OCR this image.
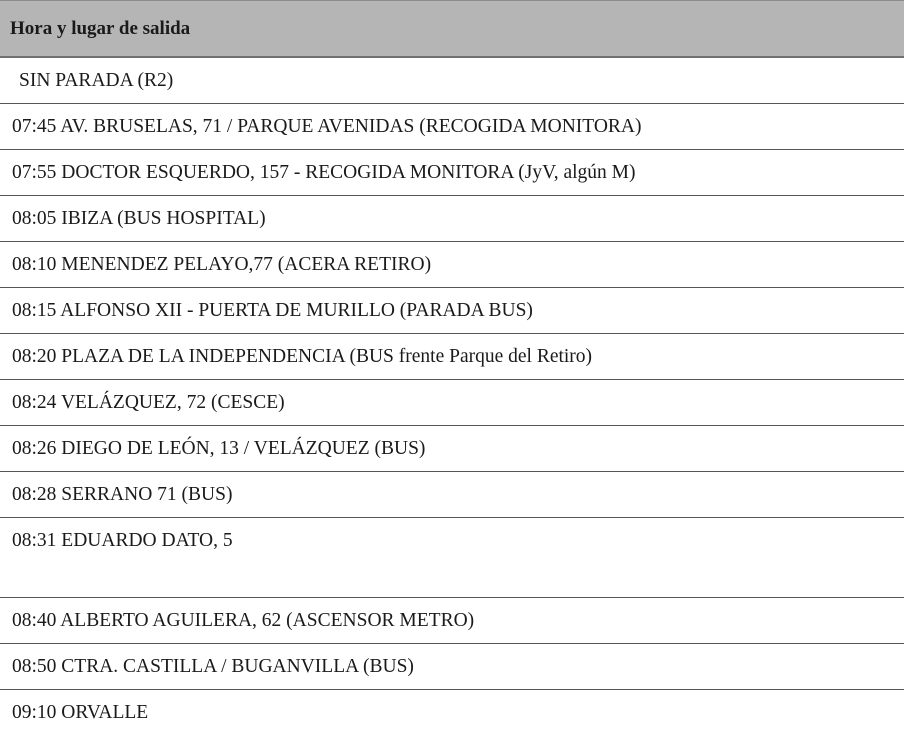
Hora y lugar de salida
SIN PARADA (R2)
07:45 AV. BRUSELAS, 71 / PARQUE AVENIDAS (RECOGIDA MONITORA)
07:55 DOCTOR ESQUERDO, 157 - RECOGIDA MONITORA (JyV, algún M)
08:05 IBIZA (BUS HOSPITAL)
08:10 MENENDEZ PELAYO,77 (ACERA RETIRO)
08:15 ALFONSO XII - PUERTA DE MURILLO (PARADA BUS)
08:20 PLAZA DE LA INDEPENDENCIA (BUS frente Parque del Retiro)
08:24 VELÁZQUEZ, 72 (CESCE)
08:26 DIEGO DE LEÓN, 13 / VELÁZQUEZ (BUS)
08:28 SERRANO 71 (BUS)
08:31 EDUARDO DATO, 5
08:40 ALBERTO AGUILERA, 62 (ASCENSOR METRO)
08:50 CTRA. CASTILLA / BUGANVILLA (BUS)
09:10 ORVALLE
